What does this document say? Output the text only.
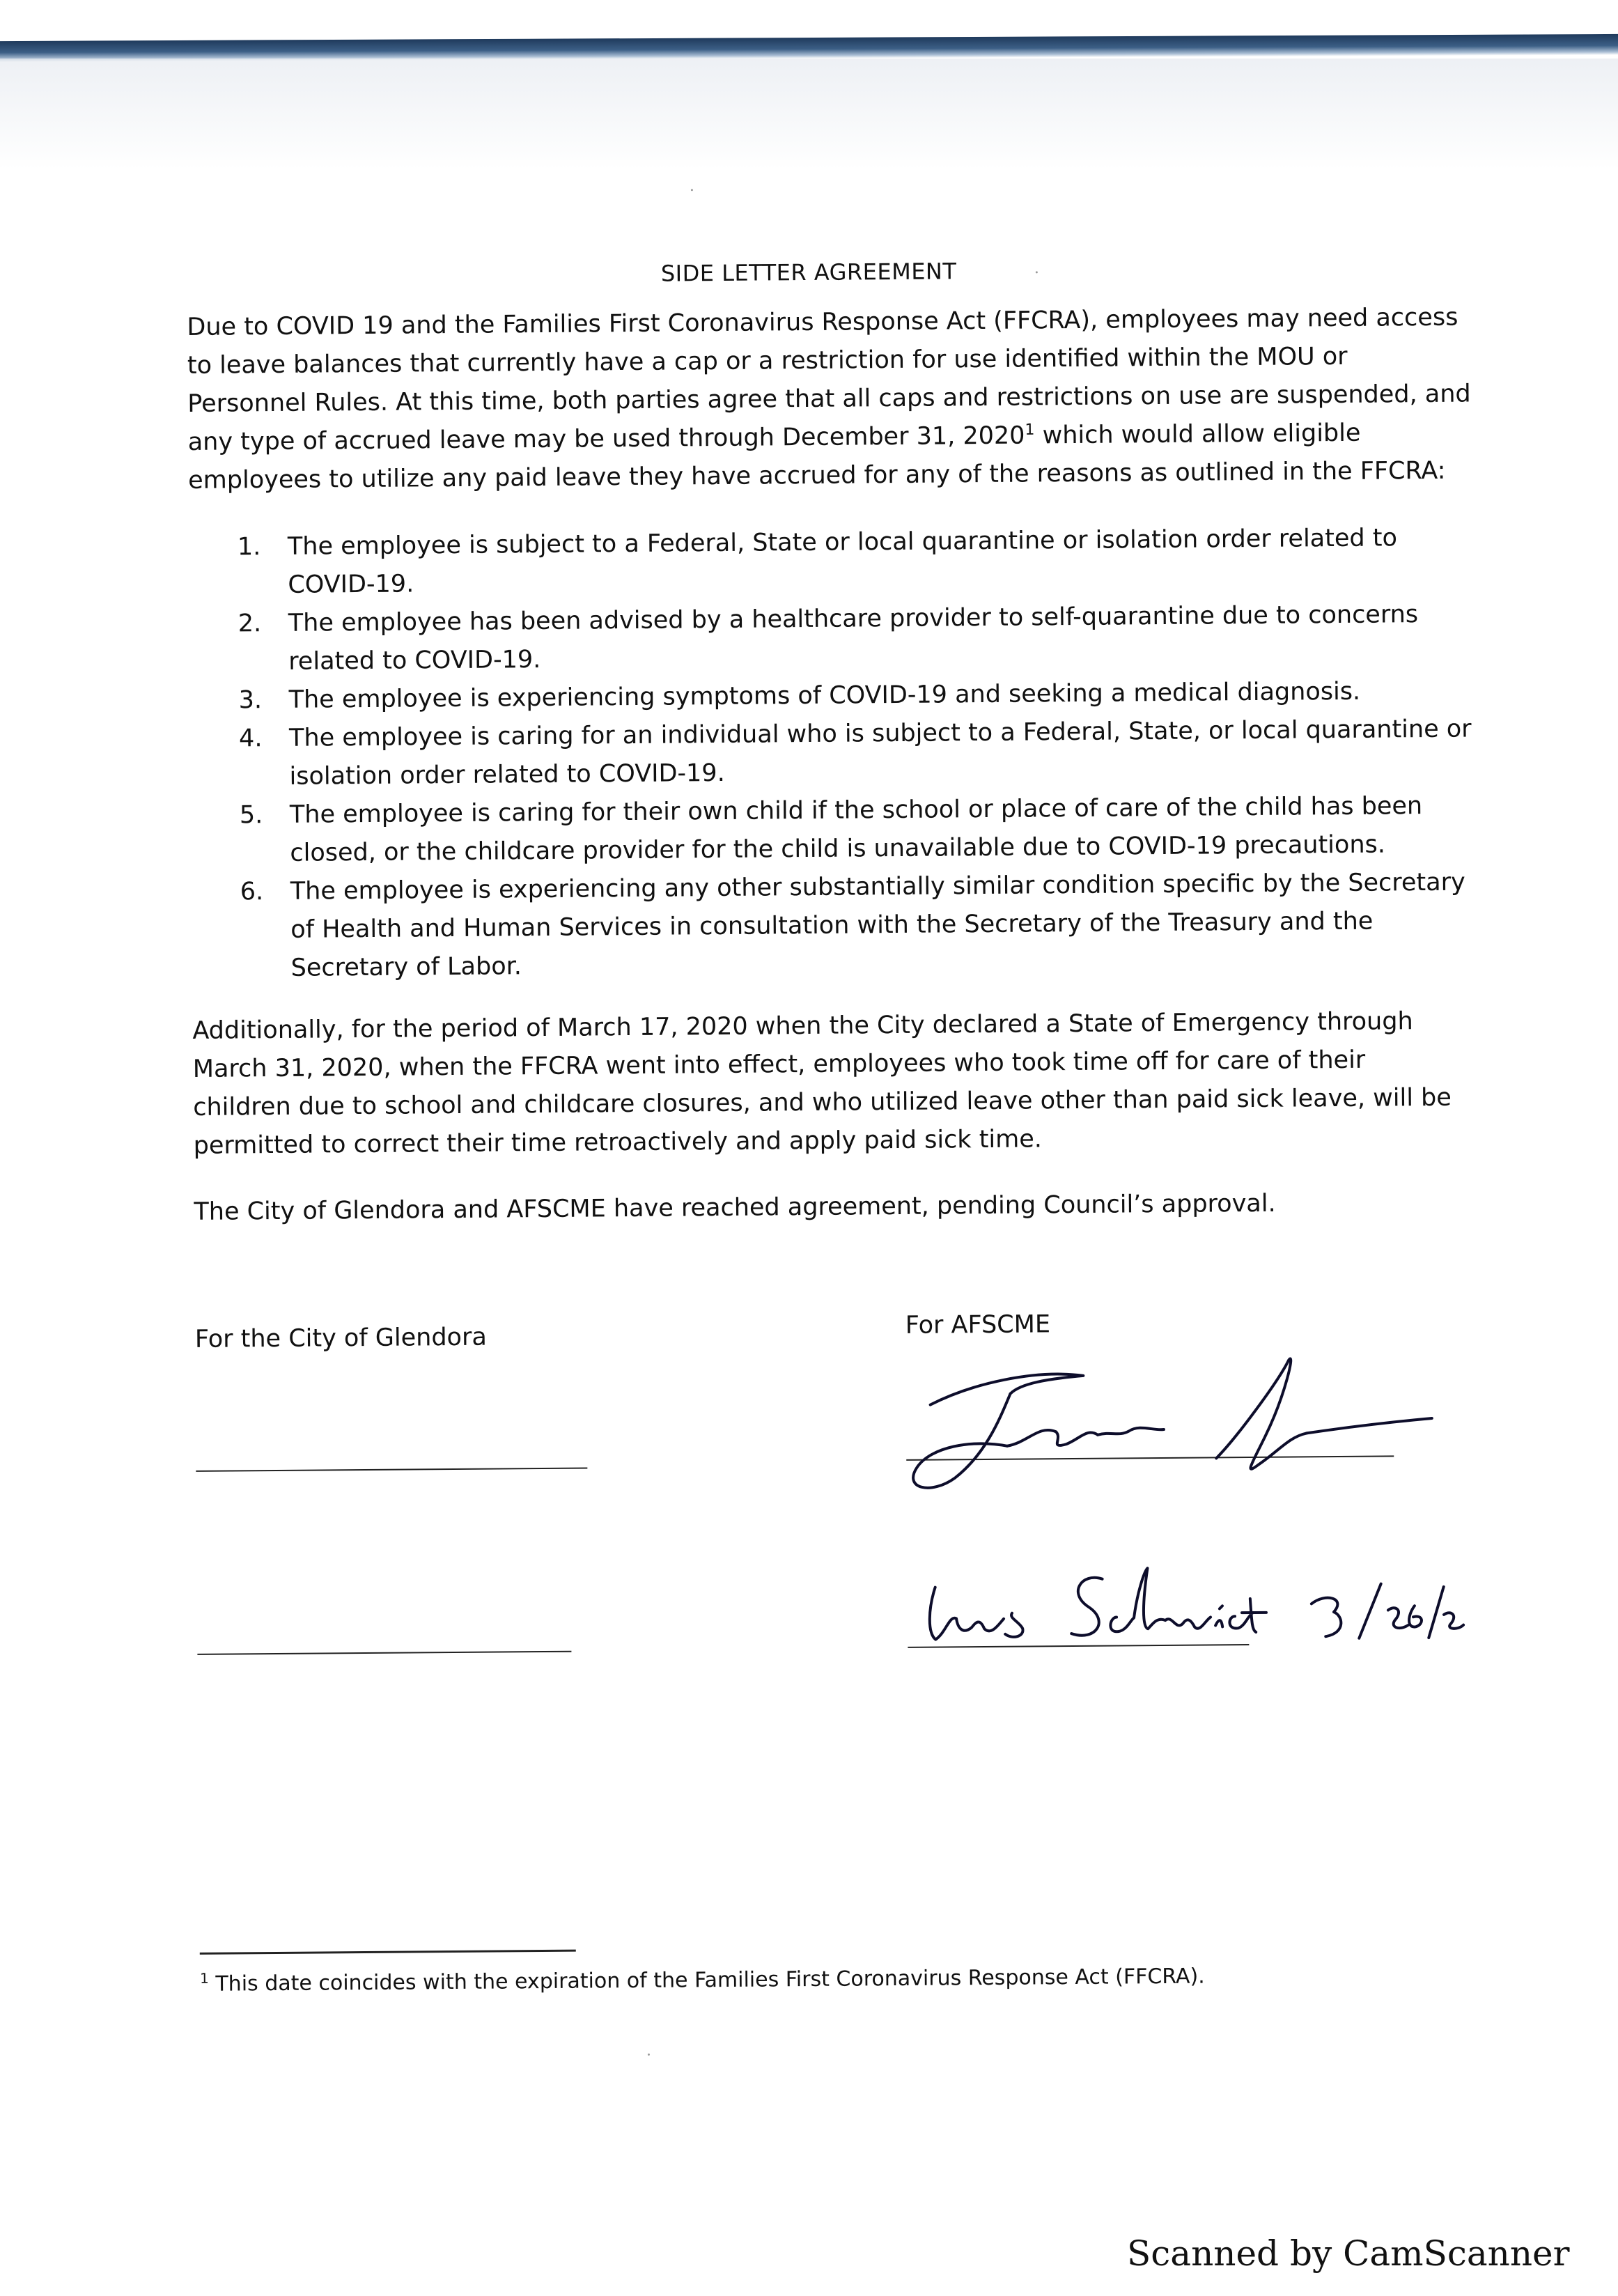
SIDE LETTER AGREEMENT
Due to COVID 19 and the Families First Coronavirus Response Act (FFCRA), employees may need access
to leave balances that currently have a cap or a restriction for use identified within the MOU or
Personnel Rules. At this time, both parties agree that all caps and restrictions on use are suspended, and
any type of accrued leave may be used through December 31, 2020$^1$ which would allow eligible
employees to utilize any paid leave they have accrued for any of the reasons as outlined in the FFCRA:
1. The employee is subject to a Federal, State or local quarantine or isolation order related to
COVID-19.
2. The employee has been advised by a healthcare provider to self-quarantine due to concerns
related to COVID-19.
3. The employee is experiencing symptoms of COVID-19 and seeking a medical diagnosis.
4. The employee is caring for an individual who is subject to a Federal, State, or local quarantine or
isolation order related to COVID-19.
5. The employee is caring for their own child if the school or place of care of the child has been
closed, or the childcare provider for the child is unavailable due to COVID-19 precautions.
6. The employee is experiencing any other substantially similar condition specific by the Secretary
of Health and Human Services in consultation with the Secretary of the Treasury and the
Secretary of Labor.
Additionally, for the period of March 17, 2020 when the City declared a State of Emergency through
March 31, 2020, when the FFCRA went into effect, employees who took time off for care of their
children due to school and childcare closures, and who utilized leave other than paid sick leave, will be
permitted to correct their time retroactively and apply paid sick time.
The City of Glendora and AFSCME have reached agreement, pending Council’s approval.
For the City of Glendora	For AFSCME
$^1$ This date coincides with the expiration of the Families First Coronavirus Response Act (FFCRA).
Scanned by CamScanner
